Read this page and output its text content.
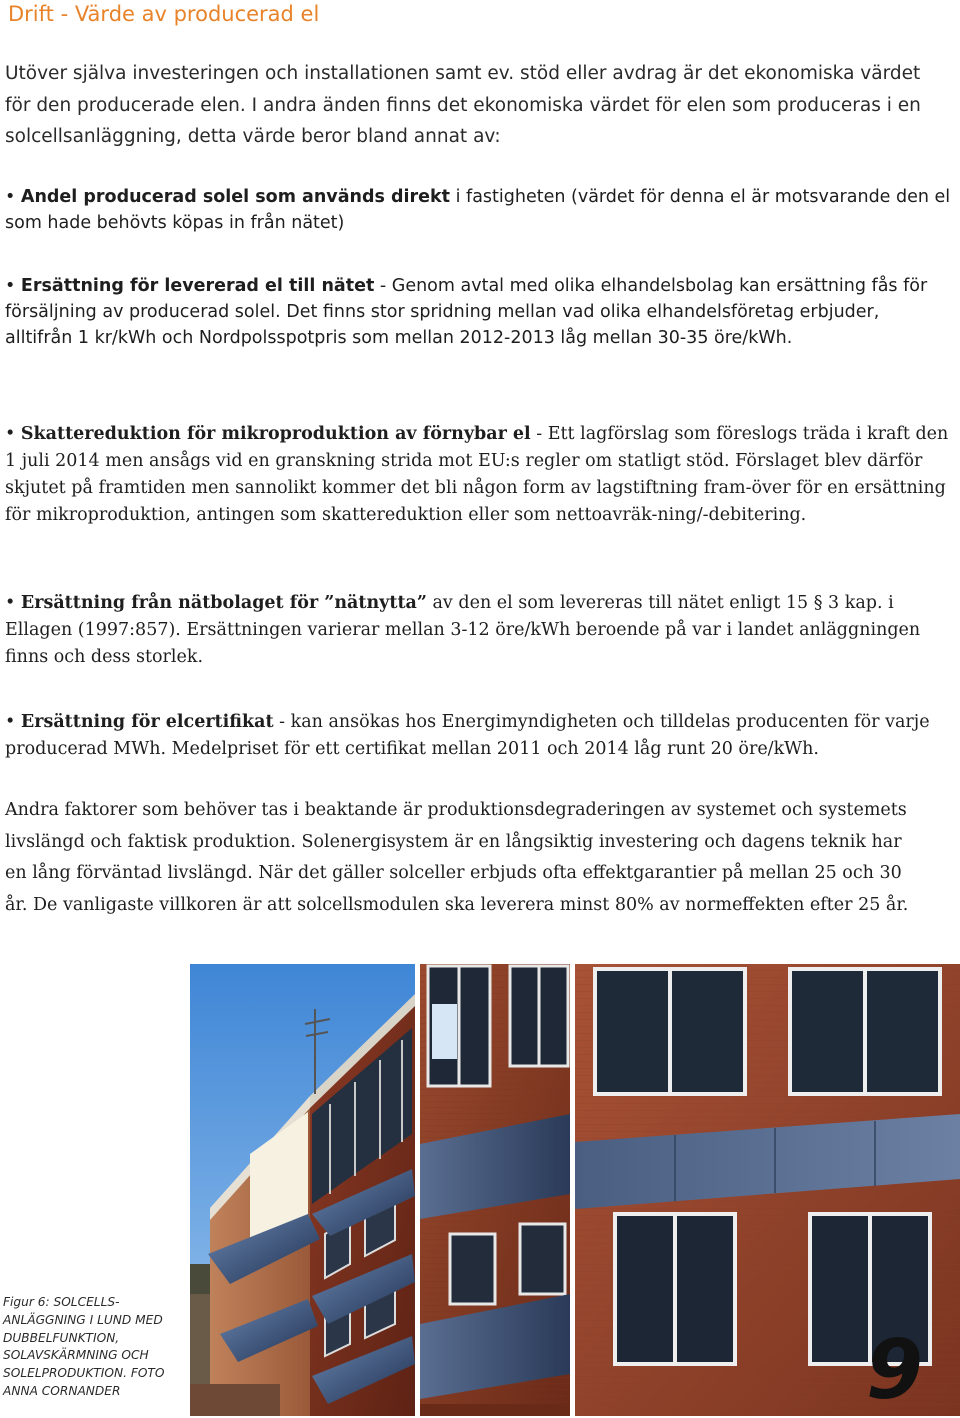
Drift - Värde av producerad el

Utöver själva investeringen och installationen samt ev. stöd eller avdrag är det ekonomiska värdet för den producerade elen. I andra änden finns det ekonomiska värdet för elen som produceras i en solcellsanläggning, detta värde beror bland annat av:

• Andel producerad solel som används direkt i fastigheten (värdet för denna el är motsvarande den el som hade behövts köpas in från nätet)

• Ersättning för levererad el till nätet - Genom avtal med olika elhandelsbolag kan ersättning fås för försäljning av producerad solel. Det finns stor spridning mellan vad olika elhandelsföretag erbjuder, alltifrån 1 kr/kWh och Nordpolsspotpris som mellan 2012-2013 låg mellan 30-35 öre/kWh.

• Skattereduktion för mikroproduktion av förnybar el - Ett lagförslag som föreslogs träda i kraft den 1 juli 2014 men ansågs vid en granskning strida mot EU:s regler om statligt stöd. Förslaget blev därför skjutet på framtiden men sannolikt kommer det bli någon form av lagstiftning fram-över för en ersättning för mikroproduktion, antingen som skattereduktion eller som nettoavräk-ning/-debitering.

• Ersättning från nätbolaget för ”nätnytta” av den el som levereras till nätet enligt 15 § 3 kap. i Ellagen (1997:857). Ersättningen varierar mellan 3-12 öre/kWh beroende på var i landet anläggningen finns och dess storlek.

• Ersättning för elcertifikat - kan ansökas hos Energimyndigheten och tilldelas producenten för varje producerad MWh. Medelpriset för ett certifikat mellan 2011 och 2014 låg runt 20 öre/kWh.

Andra faktorer som behöver tas i beaktande är produktionsdegraderingen av systemet och systemets livslängd och faktisk produktion. Solenergisystem är en långsiktig investering och dagens teknik har en lång förväntad livslängd. När det gäller solceller erbjuds ofta effektgarantier på mellan 25 och 30 år. De vanligaste villkoren är att solcellsmodulen ska leverera minst 80% av normeffekten efter 25 år.

Figur 6: SOLCELLS-ANLÄGGNING I LUND MED DUBBELFUNKTION, SOLAVSKÄRMNING OCH SOLELPRODUKTION. FOTO ANNA CORNANDER	9
